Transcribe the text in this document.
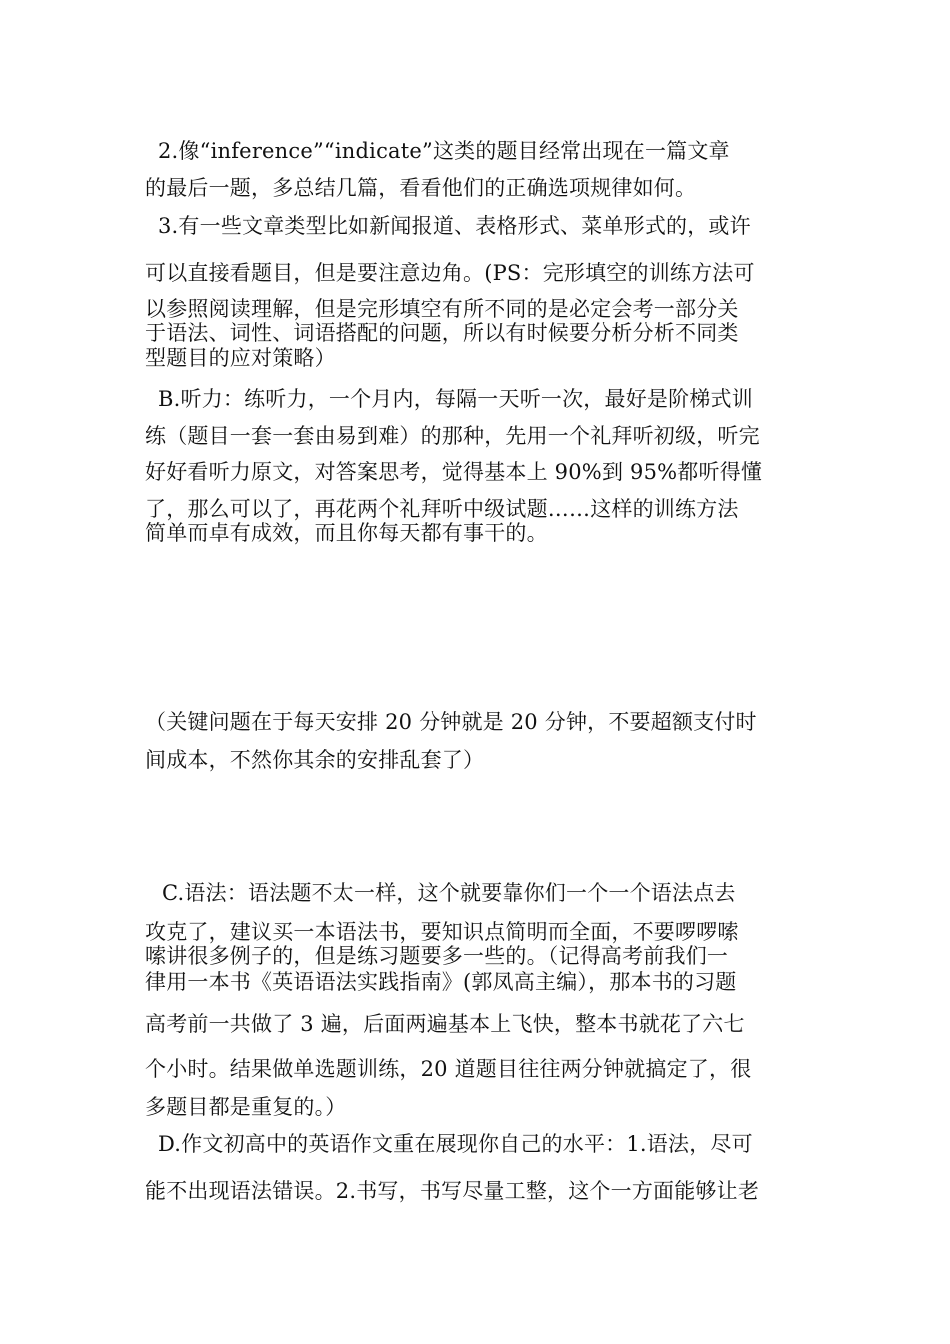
2.像“inference”“indicate”这类的题目经常出现在一篇文章
的最后一题，多总结几篇，看看他们的正确选项规律如何。
3.有一些文章类型比如新闻报道、表格形式、菜单形式的，或许
可以直接看题目，但是要注意边角。(PS：完形填空的训练方法可
以参照阅读理解，但是完形填空有所不同的是必定会考一部分关
于语法、词性、词语搭配的问题，所以有时候要分析分析不同类
型题目的应对策略）
B.听力：练听力，一个月内，每隔一天听一次，最好是阶梯式训
练（题目一套一套由易到难）的那种，先用一个礼拜听初级，听完
好好看听力原文，对答案思考，觉得基本上 90%到 95%都听得懂
了，那么可以了，再花两个礼拜听中级试题……这样的训练方法
简单而卓有成效，而且你每天都有事干的。
（关键问题在于每天安排 20 分钟就是 20 分钟，不要超额支付时
间成本，不然你其余的安排乱套了）
C.语法：语法题不太一样，这个就要靠你们一个一个语法点去
攻克了，建议买一本语法书，要知识点简明而全面，不要啰啰嗦
嗦讲很多例子的，但是练习题要多一些的。（记得高考前我们一
律用一本书《英语语法实践指南》(郭凤高主编），那本书的习题
高考前一共做了 3 遍，后面两遍基本上飞快，整本书就花了六七
个小时。结果做单选题训练，20 道题目往往两分钟就搞定了，很
多题目都是重复的。）
D.作文初高中的英语作文重在展现你自己的水平：1.语法，尽可
能不出现语法错误。2.书写，书写尽量工整，这个一方面能够让老
